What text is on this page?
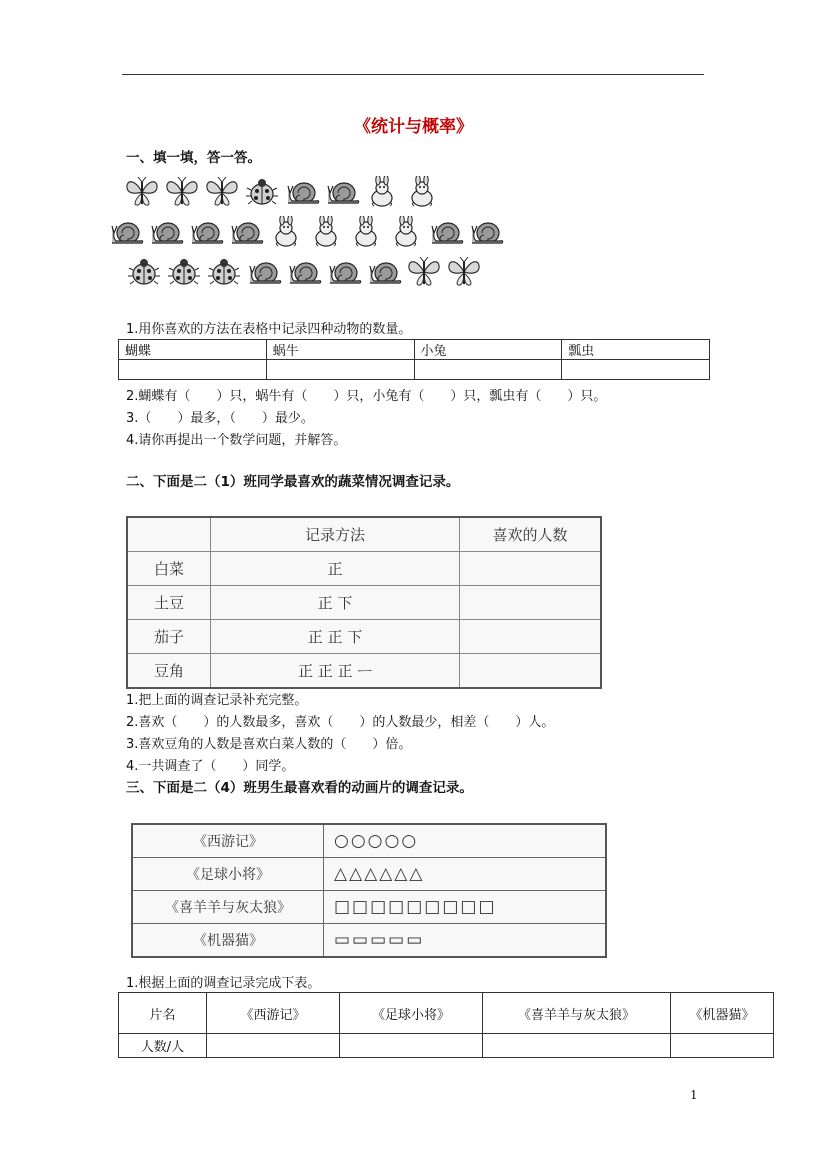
《统计与概率》
一、填一填，答一答。
1.用你喜欢的方法在表格中记录四种动物的数量。
蝴蝶	蜗牛	小兔	瓢虫

2.蝴蝶有（　　）只，蜗牛有（　　）只，小兔有（　　）只，瓢虫有（　　）只。
3.（　　）最多，（　　）最少。
4.请你再提出一个数学问题，并解答。
二、下面是二（1）班同学最喜欢的蔬菜情况调查记录。
	记录方法	喜欢的人数
白菜	正	
土豆	正 下	
茄子	正 正 下	
豆角	正 正 正 ᅳ	
1.把上面的调查记录补充完整。
2.喜欢（　　）的人数最多，喜欢（　　）的人数最少，相差（　　）人。
3.喜欢豆角的人数是喜欢白菜人数的（　　）倍。
4.一共调查了（　　）同学。
三、下面是二（4）班男生最喜欢看的动画片的调查记录。
《西游记》	○○○○○
《足球小将》	△△△△△△
《喜羊羊与灰太狼》	□□□□□□□□□
《机器猫》	▭▭▭▭▭
1.根据上面的调查记录完成下表。
片名	《西游记》	《足球小将》	《喜羊羊与灰太狼》	《机器猫》
人数/人				
1
